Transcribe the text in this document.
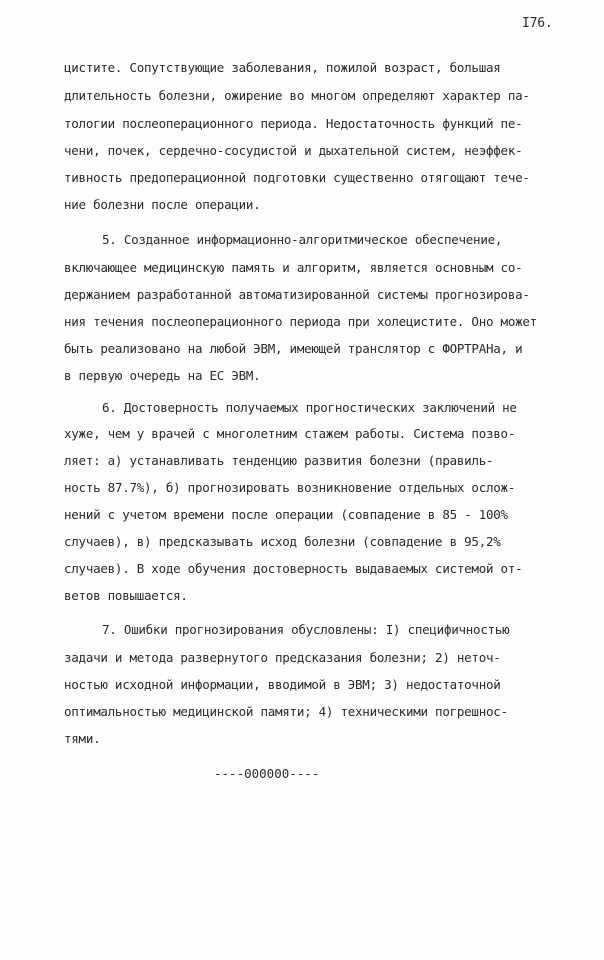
I76.
циститe. Сопутствующие заболевания, пожилой возраст, большая
длительность болезни, ожирение во многом определяют характер па-
тологии послеоперационного периода. Недостаточность функций пе-
чени, почек, сердечно-сосудистой и дыхательной систем, неэффек-
тивность предоперационной подготовки существенно отягощают тече-
ние болезни после операции.
5. Созданное информационно-алгоритмическое обеспечение,
включающее медицинскую память и алгоритм, является основным со-
держанием разработанной автоматизированной системы прогнозирова-
ния течения послеоперационного периода при холецистите. Оно может
быть реализовано на любой ЭВМ, имеющей транслятор с ФОРТРАНа, и
в первую очередь на ЕС ЭВМ.
6. Достоверность получаемых прогностических заключений не
хуже, чем у врачей с многолетним стажем работы. Система позво-
ляет: а) устанавливать тенденцию развития болезни (правиль-
ность 87.7%), б) прогнозировать возникновение отдельных ослож-
нений с учетом времени после операции (совпадение в 85 - 100%
случаев), в) предсказывать исход болезни (совпадение в 95,2%
случаев). В ходе обучения достоверность выдаваемых системой от-
ветов повышается.
7. Ошибки прогнозирования обусловлены: I) специфичностью
задачи и метода развернутого предсказания болезни; 2) неточ-
ностью исходной информации, вводимой в ЭВМ; 3) недостаточной
оптимальностью медицинской памяти; 4) техническими погрешнос-
тями.
----000000----
